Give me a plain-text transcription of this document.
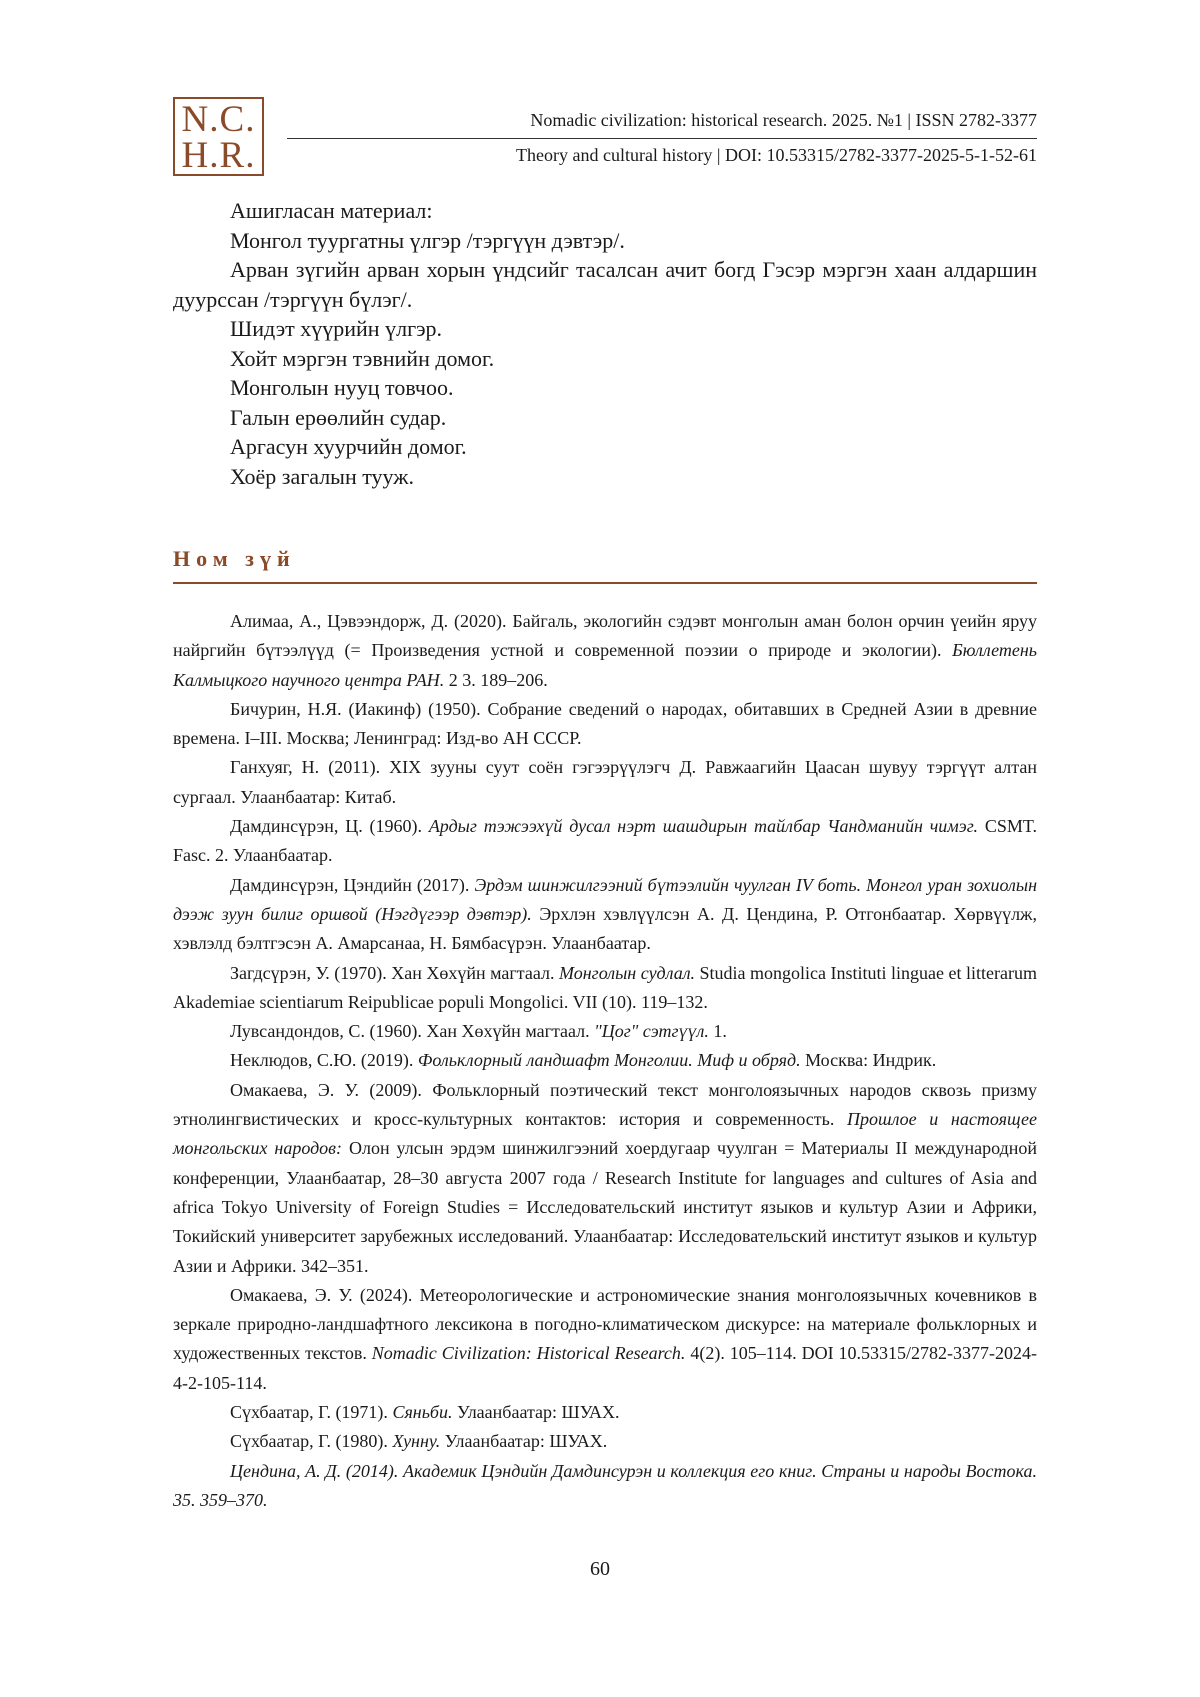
N.C.
H.R.
Nomadic civilization: historical research. 2025. №1 | ISSN 2782-3377
Theory and cultural history | DOI: 10.53315/2782-3377-2025-5-1-52-61

Ашигласан материал:

Монгол туургатны үлгэр /тэргүүн дэвтэр/.

Арван зүгийн арван хорын үндсийг тасалсан ачит богд Гэсэр мэргэн хаан алдаршин дуурссан /тэргүүн бүлэг/.

Шидэт хүүрийн үлгэр.

Хойт мэргэн тэвнийн домог.

Монголын нууц товчоо.

Галын ерөөлийн судар.

Аргасун хуурчийн домог.

Хоёр загалын тууж.

Ном зүй

Алимаа, А., Цэвээндорж, Д. (2020). Байгаль, экологийн сэдэвт монголын аман болон орчин үеийн яруу найргийн бүтээлүүд (= Произведения устной и современной поэзии о природе и экологии). Бюллетень Калмыцкого научного центра РАН. 2 3. 189–206.

Бичурин, Н.Я. (Иакинф) (1950). Собрание сведений о народах, обитавших в Средней Азии в древние времена. I–III. Москва; Ленинград: Изд-во АН СССР.

Ганхуяг, Н. (2011). XIX зууны суут соён гэгээрүүлэгч Д. Равжаагийн Цаасан шувуу тэргүүт алтан сургаал. Улаанбаатар: Китаб.

Дамдинсүрэн, Ц. (1960). Ардыг тэжээхүй дусал нэрт шашдирын тайлбар Чандманийн чимэг. CSMT. Fasc. 2. Улаанбаатар.

Дамдинсүрэн, Цэндийн (2017). Эрдэм шинжилгээний бүтээлийн чуулган IV боть. Монгол уран зохиолын дээж зуун билиг оршвой (Нэгдүгээр дэвтэр). Эрхлэн хэвлүүлсэн А. Д. Цендина, Р. Отгонбаатар. Хөрвүүлж, хэвлэлд бэлтгэсэн А. Амарсанаа, Н. Бямбасүрэн. Улаанбаатар.

Загдсүрэн, У. (1970). Хан Хөхүйн магтаал. Монголын судлал. Studia mongolica Instituti linguae et litterarum Akademiae scientiarum Reipublicae populi Mongolici. VII (10). 119–132.

Лувсандондов, С. (1960). Хан Хөхүйн магтаал. "Цог" сэтгүүл. 1.

Неклюдов, С.Ю. (2019). Фольклорный ландшафт Монголии. Миф и обряд. Москва: Индрик.

Омакаева, Э. У. (2009). Фольклорный поэтический текст монголоязычных народов сквозь призму этнолингвистических и кросс-культурных контактов: история и современность. Прошлое и настоящее монгольских народов: Олон улсын эрдэм шинжилгээний хоердугаар чуулган = Материалы II международной конференции, Улаанбаатар, 28–30 августа 2007 года / Research Institute for languages and cultures of Asia and africa Tokyo University of Foreign Studies = Исследовательский институт языков и культур Азии и Африки, Токийский университет зарубежных исследований. Улаанбаатар: Исследовательский институт языков и культур Азии и Африки. 342–351.

Омакаева, Э. У. (2024). Метеорологические и астрономические знания монголоязычных кочевников в зеркале природно-ландшафтного лексикона в погодно-климатическом дискурсе: на материале фольклорных и художественных текстов. Nomadic Civilization: Historical Research. 4(2). 105–114. DOI 10.53315/2782-3377-2024-4-2-105-114.

Сүхбаатар, Г. (1971). Сяньби. Улаанбаатар: ШУАХ.

Сүхбаатар, Г. (1980). Хунну. Улаанбаатар: ШУАХ.

Цендина, А. Д. (2014). Академик Цэндийн Дамдинсурэн и коллекция его книг. Страны и народы Востока. 35. 359–370.

60
